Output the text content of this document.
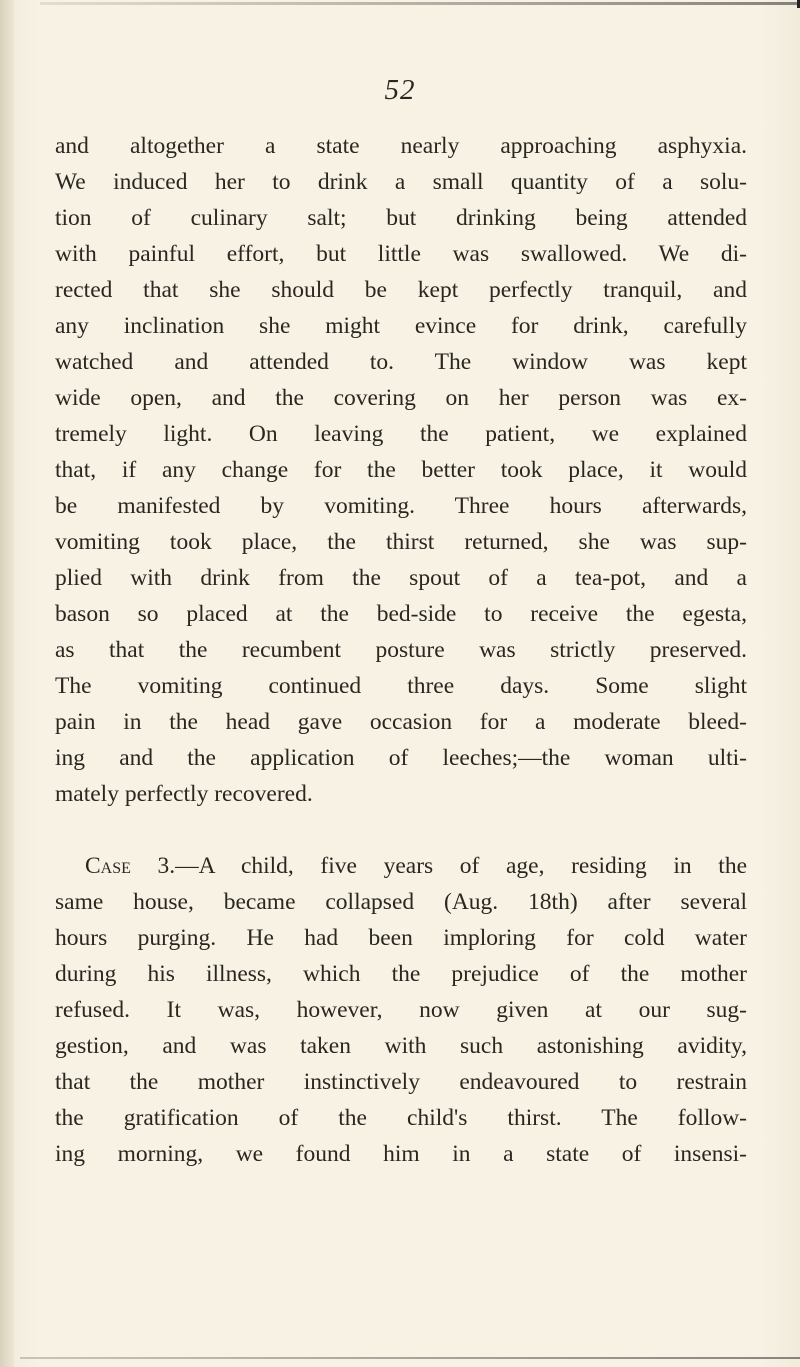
52
and altogether a state nearly approaching asphyxia.
We induced her to drink a small quantity of a solu-
tion of culinary salt; but drinking being attended
with painful effort, but little was swallowed. We di-
rected that she should be kept perfectly tranquil, and
any inclination she might evince for drink, carefully
watched and attended to. The window was kept
wide open, and the covering on her person was ex-
tremely light. On leaving the patient, we explained
that, if any change for the better took place, it would
be manifested by vomiting. Three hours afterwards,
vomiting took place, the thirst returned, she was sup-
plied with drink from the spout of a tea-pot, and a
bason so placed at the bed-side to receive the egesta,
as that the recumbent posture was strictly preserved.
The vomiting continued three days. Some slight
pain in the head gave occasion for a moderate bleed-
ing and the application of leeches;—the woman ulti-
mately perfectly recovered.
Case 3.—A child, five years of age, residing in the
same house, became collapsed (Aug. 18th) after several
hours purging. He had been imploring for cold water
during his illness, which the prejudice of the mother
refused. It was, however, now given at our sug-
gestion, and was taken with such astonishing avidity,
that the mother instinctively endeavoured to restrain
the gratification of the child's thirst. The follow-
ing morning, we found him in a state of insensi-
